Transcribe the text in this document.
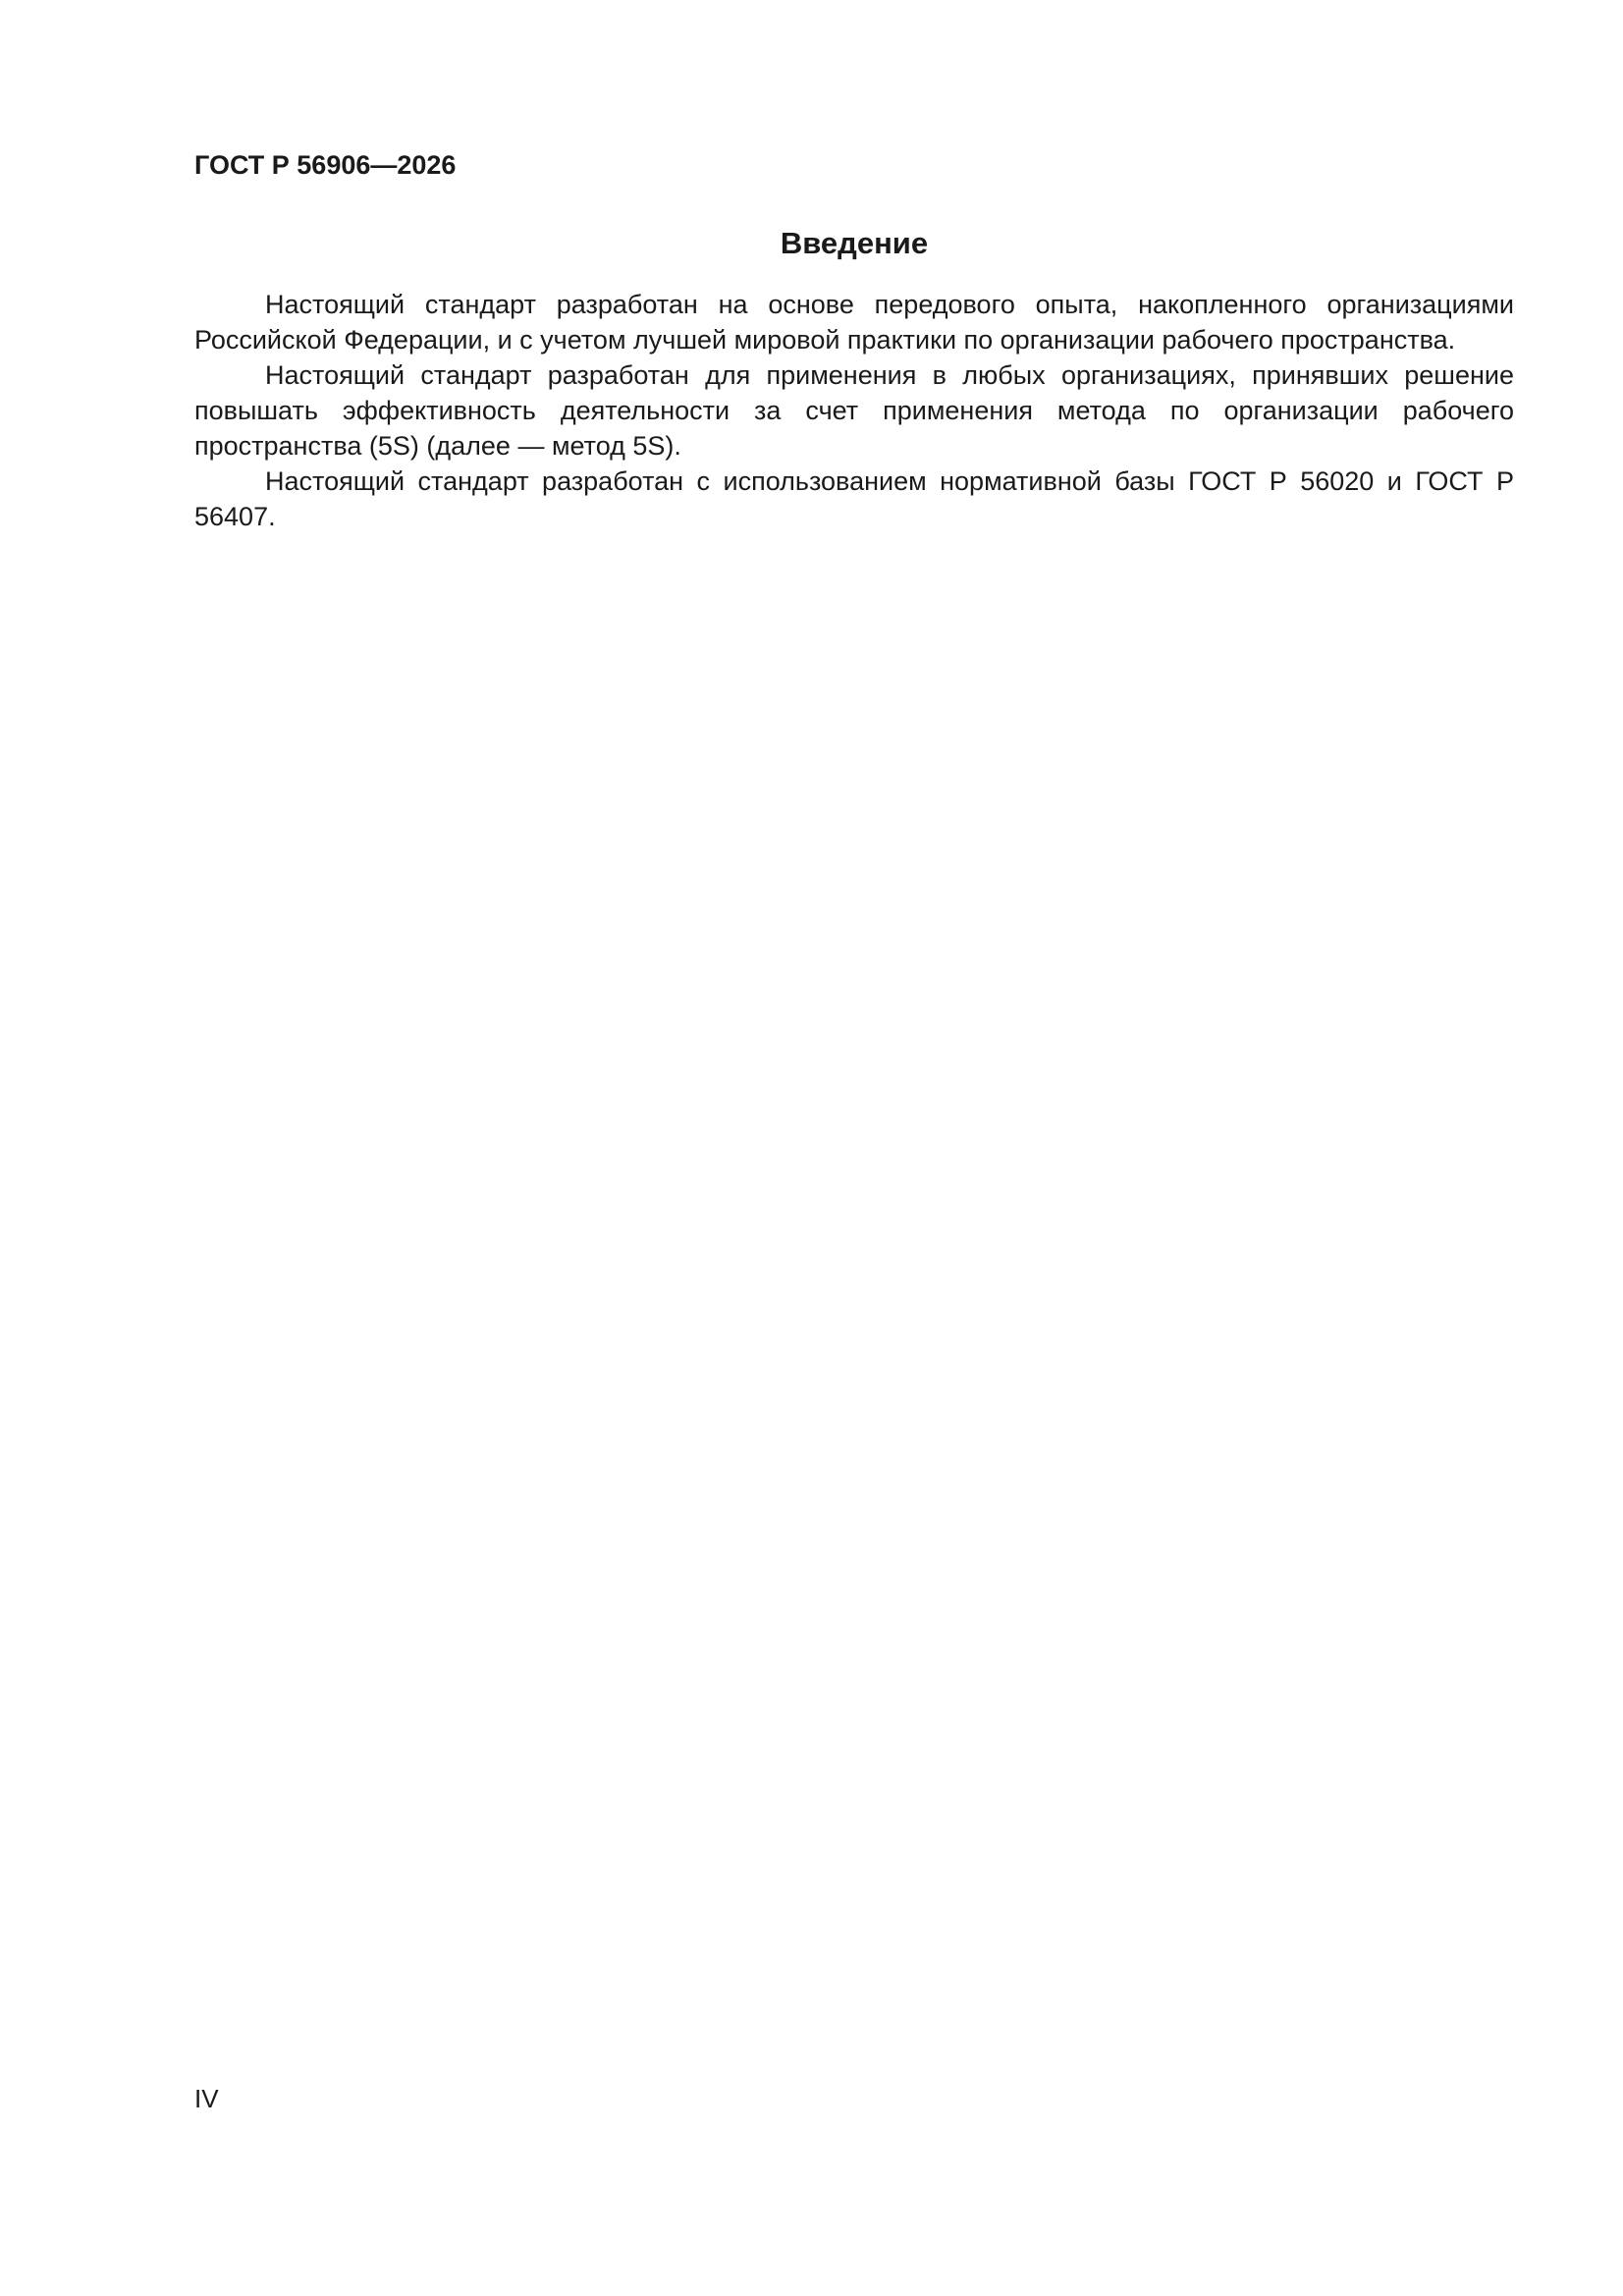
ГОСТ Р 56906—2026
Введение

Настоящий стандарт разработан на основе передового опыта, накопленного организациями Российской Федерации, и с учетом лучшей мировой практики по организации рабочего пространства.

Настоящий стандарт разработан для применения в любых организациях, принявших решение повышать эффективность деятельности за счет применения метода по организации рабочего пространства (5S) (далее — метод 5S).

Настоящий стандарт разработан с использованием нормативной базы ГОСТ Р 56020 и ГОСТ Р 56407.

IV
